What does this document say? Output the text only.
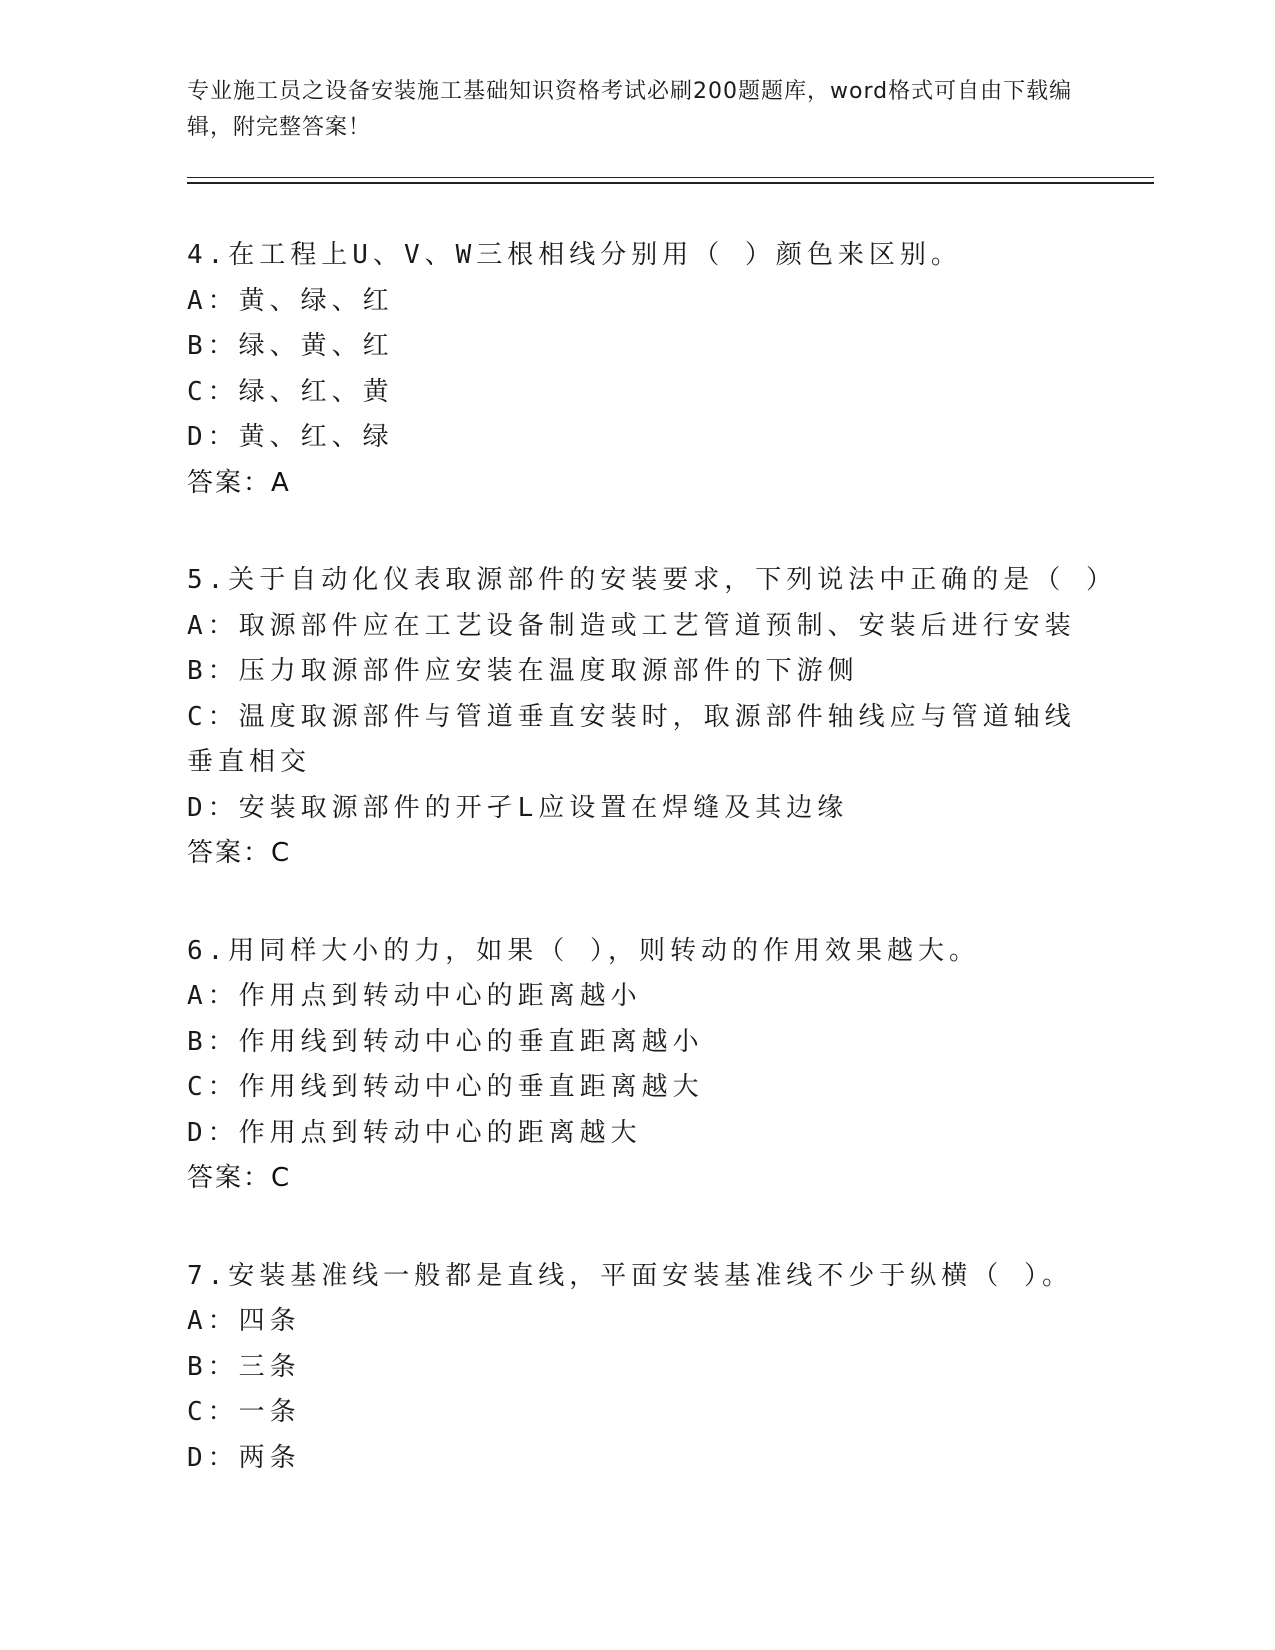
专业施工员之设备安装施工基础知识资格考试必刷200题题库，word格式可自由下载编辑，附完整答案！
4.在工程上U、V、W三根相线分别用（ ）颜色来区别。
A：黄、绿、红
B：绿、黄、红
C：绿、红、黄
D：黄、红、绿
答案：A
5.关于自动化仪表取源部件的安装要求，下列说法中正确的是（ ）
A：取源部件应在工艺设备制造或工艺管道预制、安装后进行安装
B：压力取源部件应安装在温度取源部件的下游侧
C：温度取源部件与管道垂直安装时，取源部件轴线应与管道轴线垂直相交
D：安装取源部件的开孑L应设置在焊缝及其边缘
答案：C
6.用同样大小的力，如果（ ），则转动的作用效果越大。
A：作用点到转动中心的距离越小
B：作用线到转动中心的垂直距离越小
C：作用线到转动中心的垂直距离越大
D：作用点到转动中心的距离越大
答案：C
7.安装基准线一般都是直线，平面安装基准线不少于纵横（ ）。
A：四条
B：三条
C：一条
D：两条
